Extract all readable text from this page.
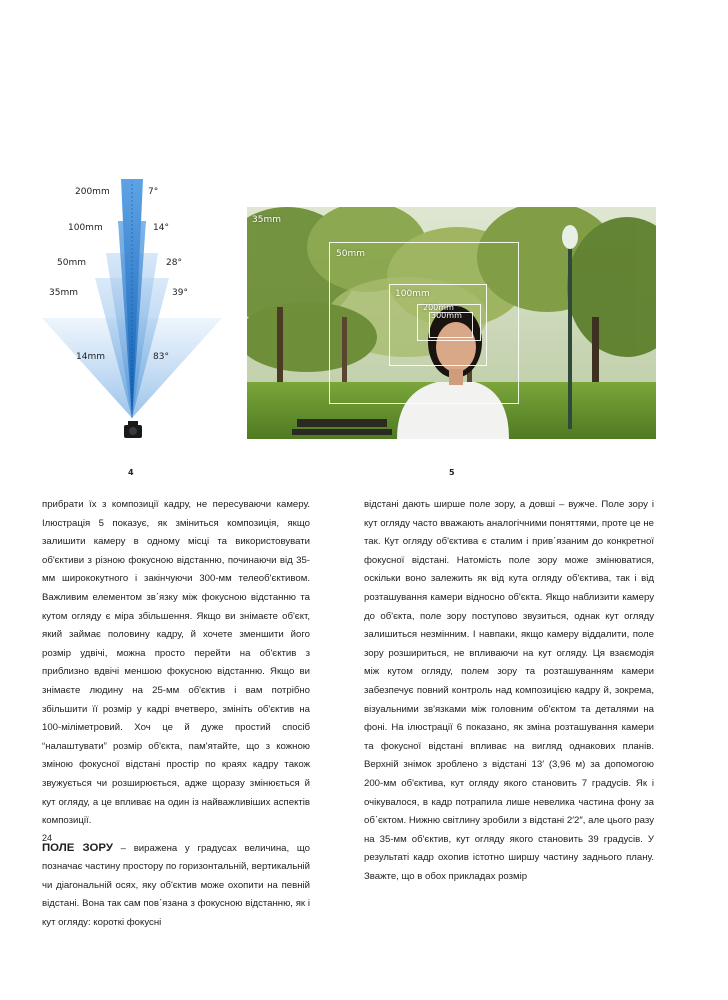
200mm	7°
100mm	14°
50mm	28°
35mm	39°
14mm	83°
4
35mm
50mm
100mm
200mm
300mm
5

прибрати їх з композиції кадру, не пересуваючи камеру. Ілюстрація 5 показує, як зміниться композиція, якщо залишити камеру в одному місці та використовувати об'єктиви з різною фокусною відстанню, починаючи від 35-мм ширококутного і закінчуючи 300-мм телеоб'єктивом. Важливим елементом зв΄язку між фокусною відстанню та кутом огляду є міра збільшення. Якщо ви знімаєте об'єкт, який займає половину кадру, й хочете зменшити його розмір удвічі, можна просто перейти на об'єктив з приблизно вдвічі меншою фокусною відстанню. Якщо ви знімаєте людину на 25-мм об'єктив і вам потрібно збільшити її розмір у кадрі вчетверо, змініть об'єктив на 100-міліметровий. Хоч це й дуже простий спосіб “налаштувати” розмір об'єкта, пам'ятайте, що з кожною зміною фокусної відстані простір по краях кадру також звужується чи розширюється, адже щоразу змінюється й кут огляду, а це впливає на один із найважливіших аспектів композиції.

ПОЛЕ ЗОРУ – виражена у градусах величина, що позначає частину простору по горизонтальній, вертикальній чи діагональній осях, яку об'єктив може охопити на певній відстані. Вона так сам пов΄язана з фокусною відстанню, як і кут огляду: короткі фокусні

відстані дають ширше поле зору, а довші – вужче. Поле зору і кут огляду часто вважають аналогічними поняттями, проте це не так. Кут огляду об'єктива є сталим і прив΄язаним до конкретної фокусної відстані. Натомість поле зору може змінюватися, оскільки воно залежить як від кута огляду об'єктива, так і від розташування камери відносно об'єкта. Якщо наблизити камеру до об'єкта, поле зору поступово звузиться, однак кут огляду залишиться незмінним. І навпаки, якщо камеру віддалити, поле зору розшириться, не впливаючи на кут огляду. Ця взаємодія між кутом огляду, полем зору та розташуванням камери забезпечує повний контроль над композицією кадру й, зокрема, візуальними зв'язками між головним об'єктом та деталями на фоні. На ілюстрації 6 показано, як зміна розташування камери та фокусної відстані впливає на вигляд однакових планів. Верхній знімок зроблено з відстані 13′ (3,96 м) за допомогою 200-мм об'єктива, кут огляду якого становить 7 градусів. Як і очікувалося, в кадр потрапила лише невелика частина фону за об΄єктом. Нижню світлину зробили з відстані 2′2″, але цього разу на 35-мм об'єктив, кут огляду якого становить 39 градусів. У результаті кадр охопив істотно ширшу частину заднього плану. Зважте, що в обох прикладах розмір

24
